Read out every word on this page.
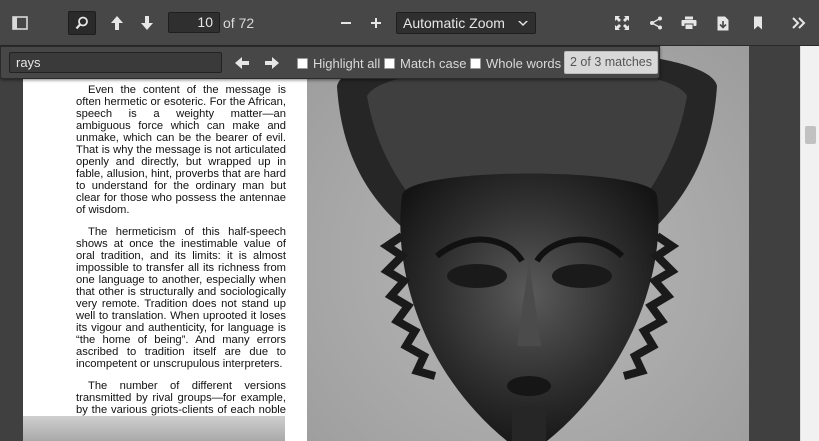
10 of 72	Automatic Zoom

Even the content of the message is often hermetic or esoteric. For the African, speech is a weighty matter—an ambiguous force which can make and unmake, which can be the bearer of evil. That is why the message is not articulated openly and directly, but wrapped up in fable, allusion, hint, proverbs that are hard to understand for the ordinary man but clear for those who possess the antennae of wisdom.

The hermeticism of this half-speech shows at once the inestimable value of oral tradition, and its limits: it is almost impossible to transfer all its richness from one language to another, especially when that other is structurally and sociologically very remote. Tradition does not stand up well to translation. When uprooted it loses its vigour and authenticity, for language is “the home of being”. And many errors ascribed to tradition itself are due to incompetent or unscrupulous interpreters.

The number of different versions transmitted by rival groups—for example, by the various griots-clients of each noble

rays	Highlight all Match case Whole words 2 of 3 matches
